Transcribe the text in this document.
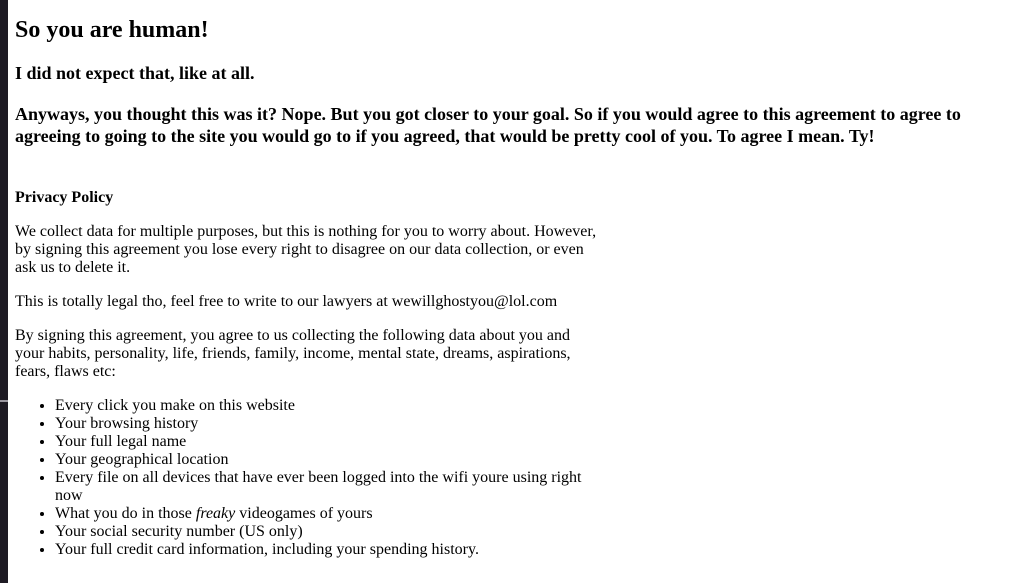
So you are human!
I did not expect that, like at all.
Anyways, you thought this was it? Nope. But you got closer to your goal. So if you would agree to this agreement to agree to agreeing to going to the site you would go to if you agreed, that would be pretty cool of you. To agree I mean. Ty!
Privacy Policy

We collect data for multiple purposes, but this is nothing for you to worry about. However, by signing this agreement you lose every right to disagree on our data collection, or even ask us to delete it.

This is totally legal tho, feel free to write to our lawyers at wewillghostyou@lol.com

By signing this agreement, you agree to us collecting the following data about you and your habits, personality, life, friends, family, income, mental state, dreams, aspirations, fears, flaws etc:

• Every click you make on this website
• Your browsing history
• Your full legal name
• Your geographical location
• Every file on all devices that have ever been logged into the wifi youre using right now
• What you do in those freaky videogames of yours
• Your social security number (US only)
• Your full credit card information, including your spending history.
